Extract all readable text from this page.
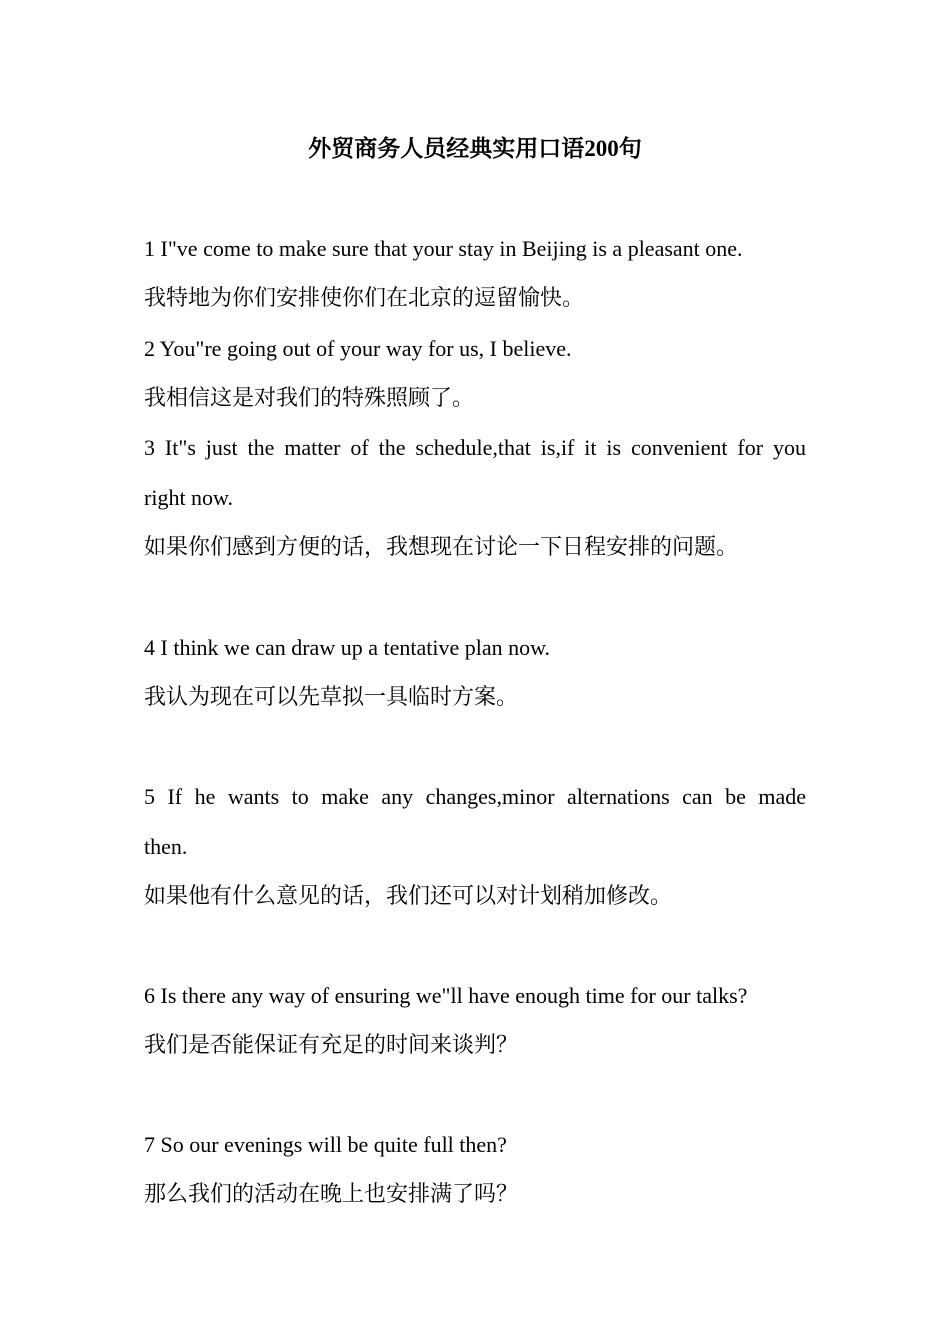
外贸商务人员经典实用口语200句
1 I"ve come to make sure that your stay in Beijing is a pleasant one.
我特地为你们安排使你们在北京的逗留愉快。
2 You"re going out of your way for us, I believe.
我相信这是对我们的特殊照顾了。
3 It"s just the matter of the schedule,that is,if it is convenient for you
right now.
如果你们感到方便的话，我想现在讨论一下日程安排的问题。
4 I think we can draw up a tentative plan now.
我认为现在可以先草拟一具临时方案。
5 If he wants to make any changes,minor alternations can be made
then.
如果他有什么意见的话，我们还可以对计划稍加修改。
6 Is there any way of ensuring we"ll have enough time for our talks?
我们是否能保证有充足的时间来谈判？
7 So our evenings will be quite full then?
那么我们的活动在晚上也安排满了吗？
